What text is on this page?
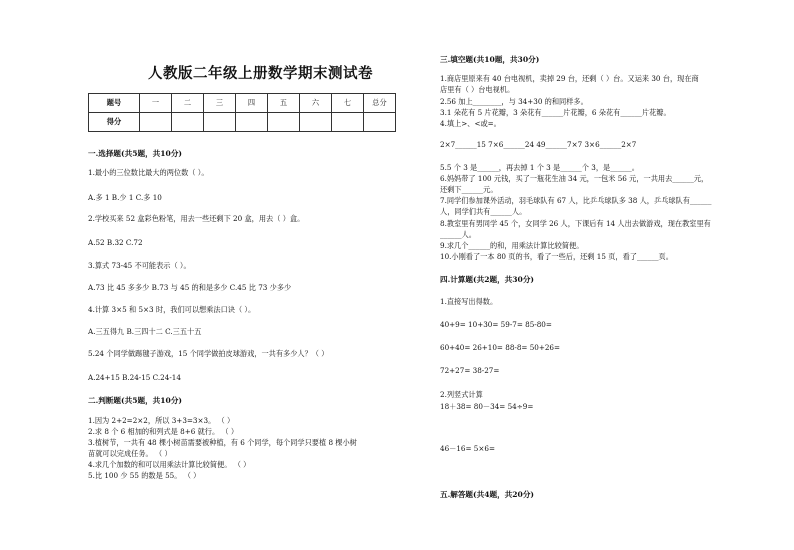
人教版二年级上册数学期末测试卷
题号	一	二	三	四	五	六	七	总分
得分								
一.选择题(共5题，共10分)
1.最小的三位数比最大的两位数（ ）。
A.多 1 B.少 1 C.多 10
2.学校买来 52 盒彩色粉笔，用去一些还剩下 20 盒，用去（ ）盒。
A.52 B.32 C.72
3.算式 73-45 不可能表示（ ）。
A.73 比 45 多多少 B.73 与 45 的和是多少 C.45 比 73 少多少
4.计算 3×5 和 5×3 时，我们可以想乘法口诀（ ）。
A.三五得九 B.三四十二 C.三五十五
5.24 个同学做踢毽子游戏，15 个同学做拍皮球游戏，一共有多少人？（ ）
A.24+15 B.24-15 C.24-14
二.判断题(共5题，共10分)
1.因为 2+2=2×2，所以 3+3=3×3。 （ ）
2.求 8 个 6 相加的和列式是 8+6 就行。 （ ）
3.植树节，一共有 48 棵小树苗需要被种植，有 6 个同学，每个同学只要植 8 棵小树
苗就可以完成任务。 （ ）
4.求几个加数的和可以用乘法计算比较简便。 （ ）
5.比 100 少 55 的数是 55。 （ ）
三.填空题(共10题，共30分)
1.商店里原来有 40 台电视机，卖掉 29 台，还剩（ ）台。又运来 30 台，现在商
店里有（ ）台电视机。
2.56 加上________，与 34+30 的和同样多。
3.1 朵花有 5 片花瓣，3 朵花有______片花瓣，6 朵花有______片花瓣。
4.填上>、<或=。
2×7______15 7×6______24 49______7×7 3×6______2×7
5.5 个 3 是______，再去掉 1 个 3 是______个 3，是______。
6.妈妈带了 100 元钱，买了一瓶花生油 34 元，一包米 56 元，一共用去______元，
还剩下______元。
7.同学们参加课外活动，羽毛球队有 67 人，比乒乓球队多 38 人，乒乓球队有______
人，同学们共有______人。
8.教室里有男同学 45 个，女同学 26 人，下课后有 14 人出去做游戏，现在教室里有
______人。
9.求几个______的和，用乘法计算比较简便。
10.小刚看了一本 80 页的书，看了一些后，还剩 15 页，看了______页。
四.计算题(共2题，共30分)
1.直接写出得数。
40+9= 10+30= 59-7= 85-80=
60+40= 26+10= 88-8= 50+26=
72+27= 38-27=
2.列竖式计算
18＋38= 80－34= 54÷9=
46－16= 5×6=
五.解答题(共4题，共20分)
